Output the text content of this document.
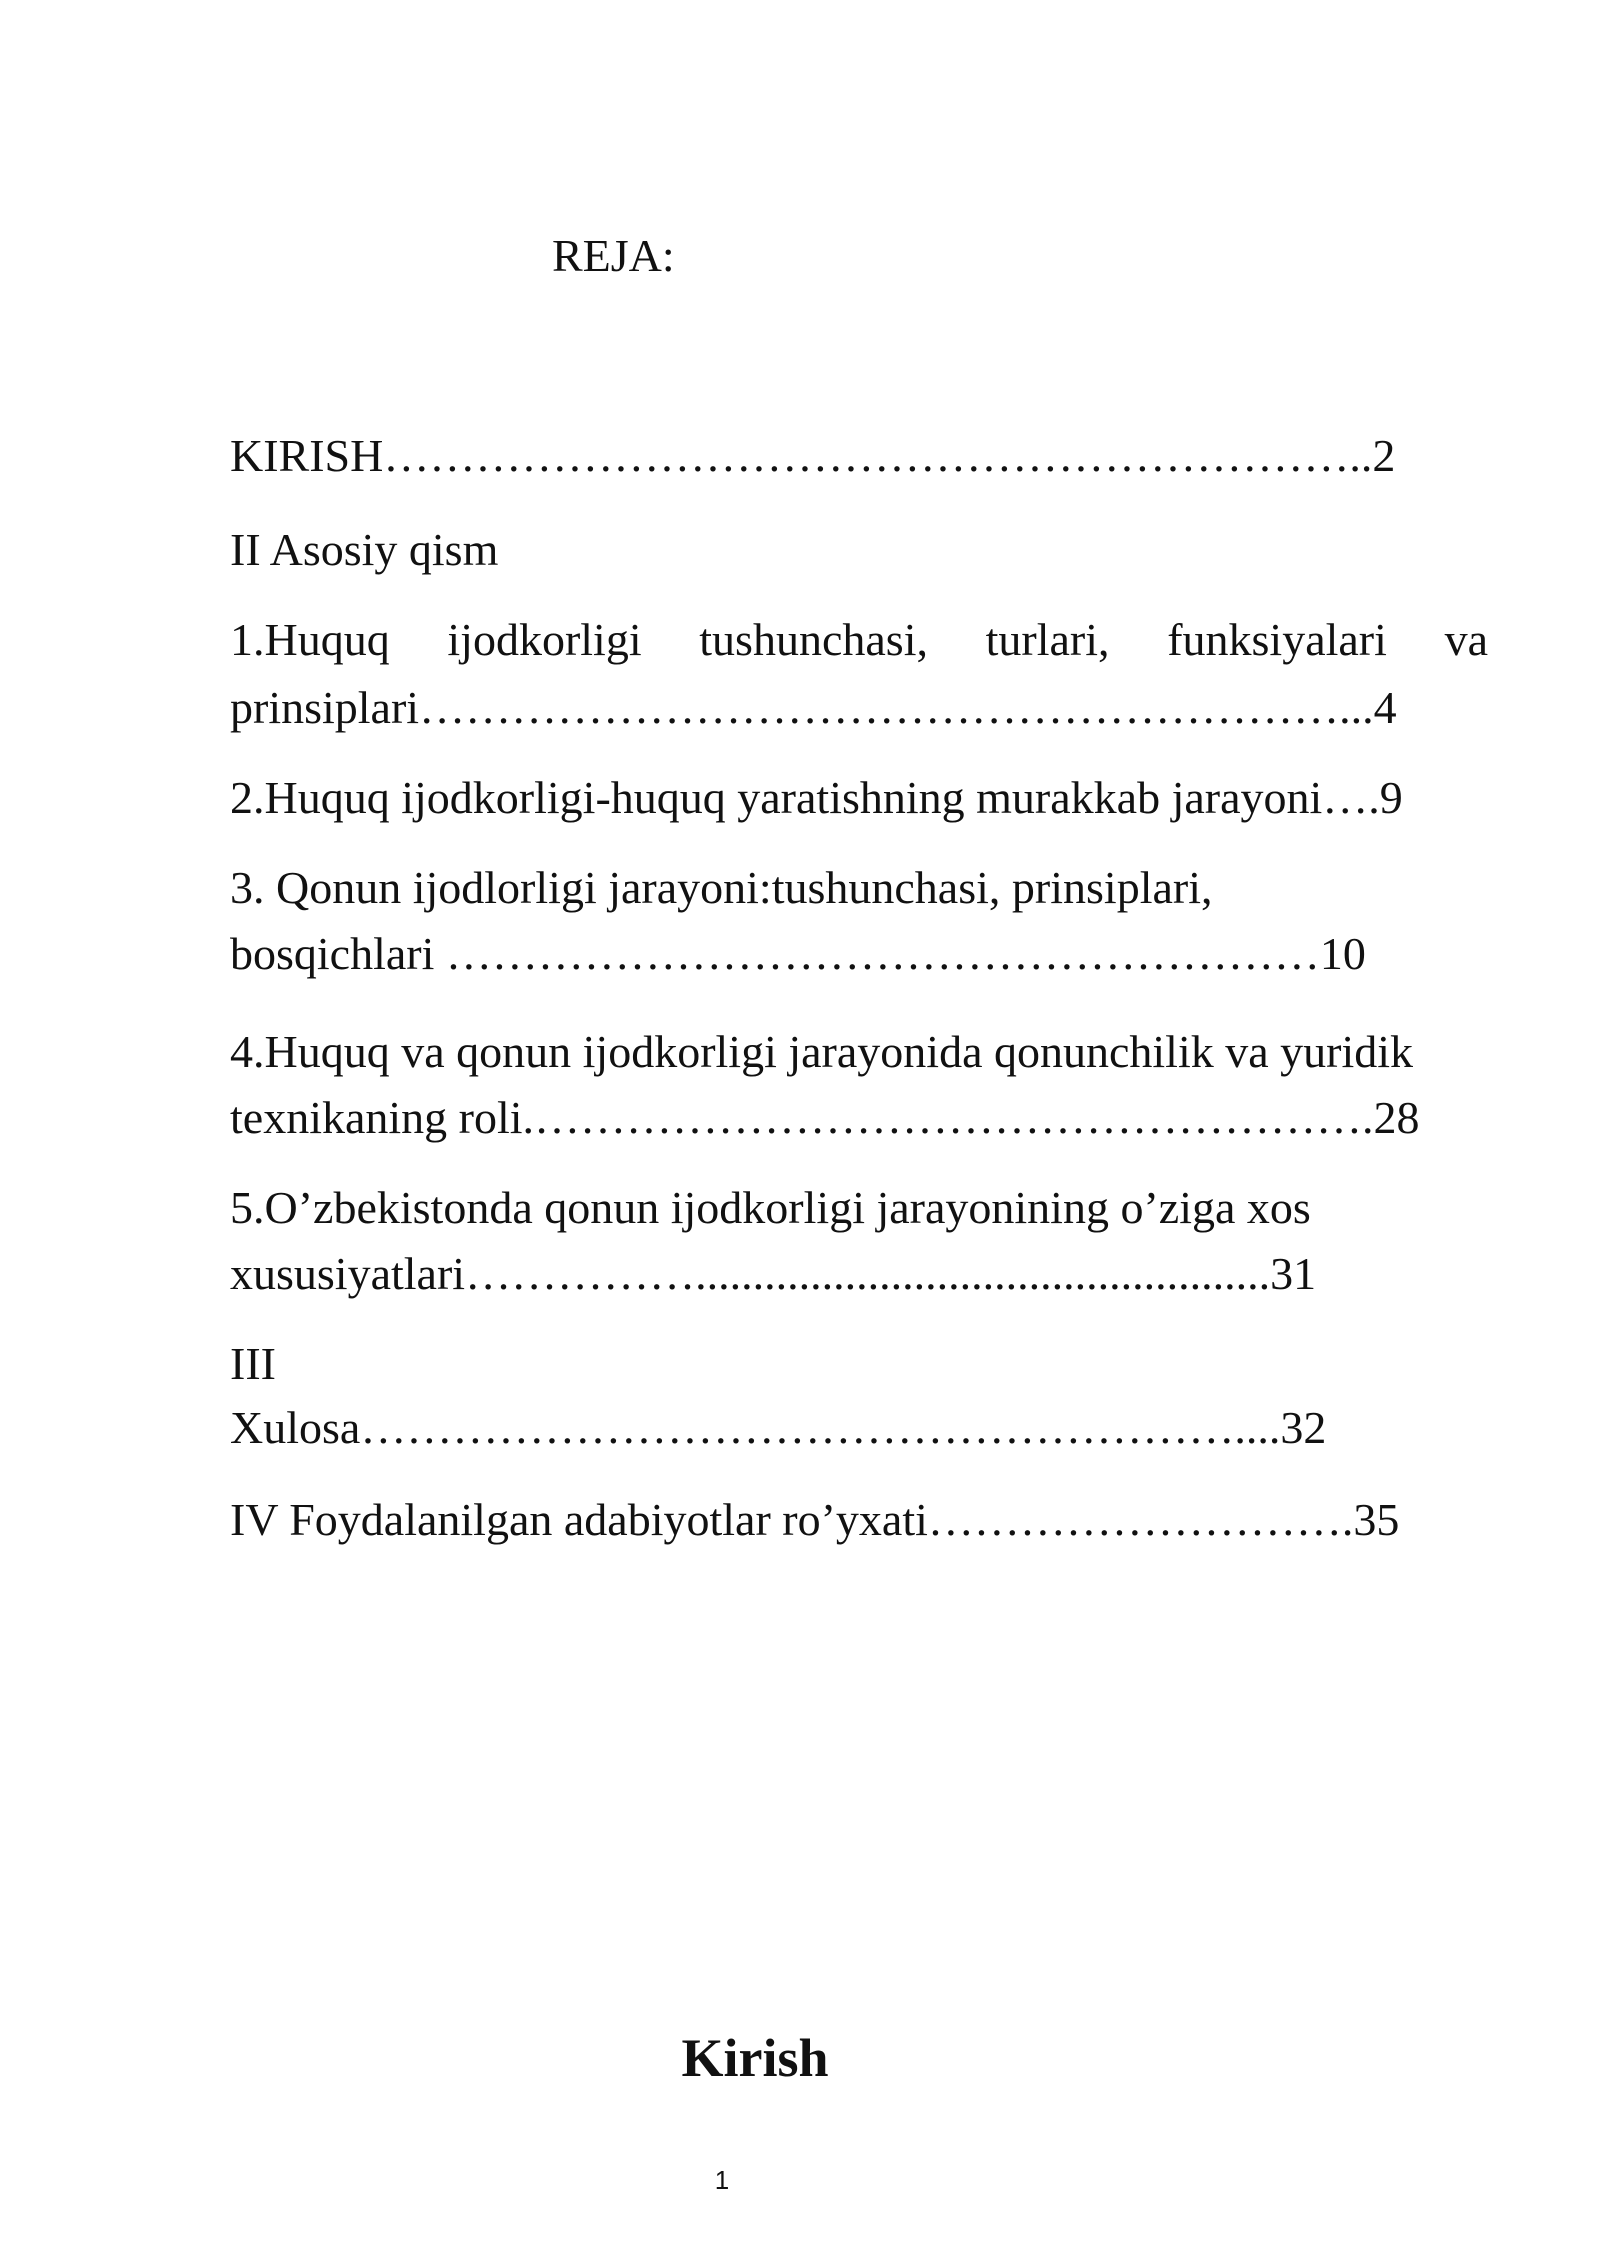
REJA:
KIRISH………………………………………………………..2
II Asosiy qism
1.Huquq ijodkorligi tushunchasi, turlari, funksiyalari va
prinsiplari……………………………………………………...4
2.Huquq ijodkorligi-huquq yaratishning murakkab jarayoni….9
3. Qonun ijodlorligi jarayoni:tushunchasi, prinsiplari,
bosqichlari …………………………………………………10
4.Huquq va qonun ijodkorligi jarayonida qonunchilik va yuridik
texnikaning roli.……………………………………………….28
5.O’zbekistonda qonun ijodkorligi jarayonining o’ziga xos
xususiyatlari……………..................................................31
III
Xulosa…………………………………………………....32
IV Foydalanilgan adabiyotlar ro’yxati……………………….35
Kirish
1
